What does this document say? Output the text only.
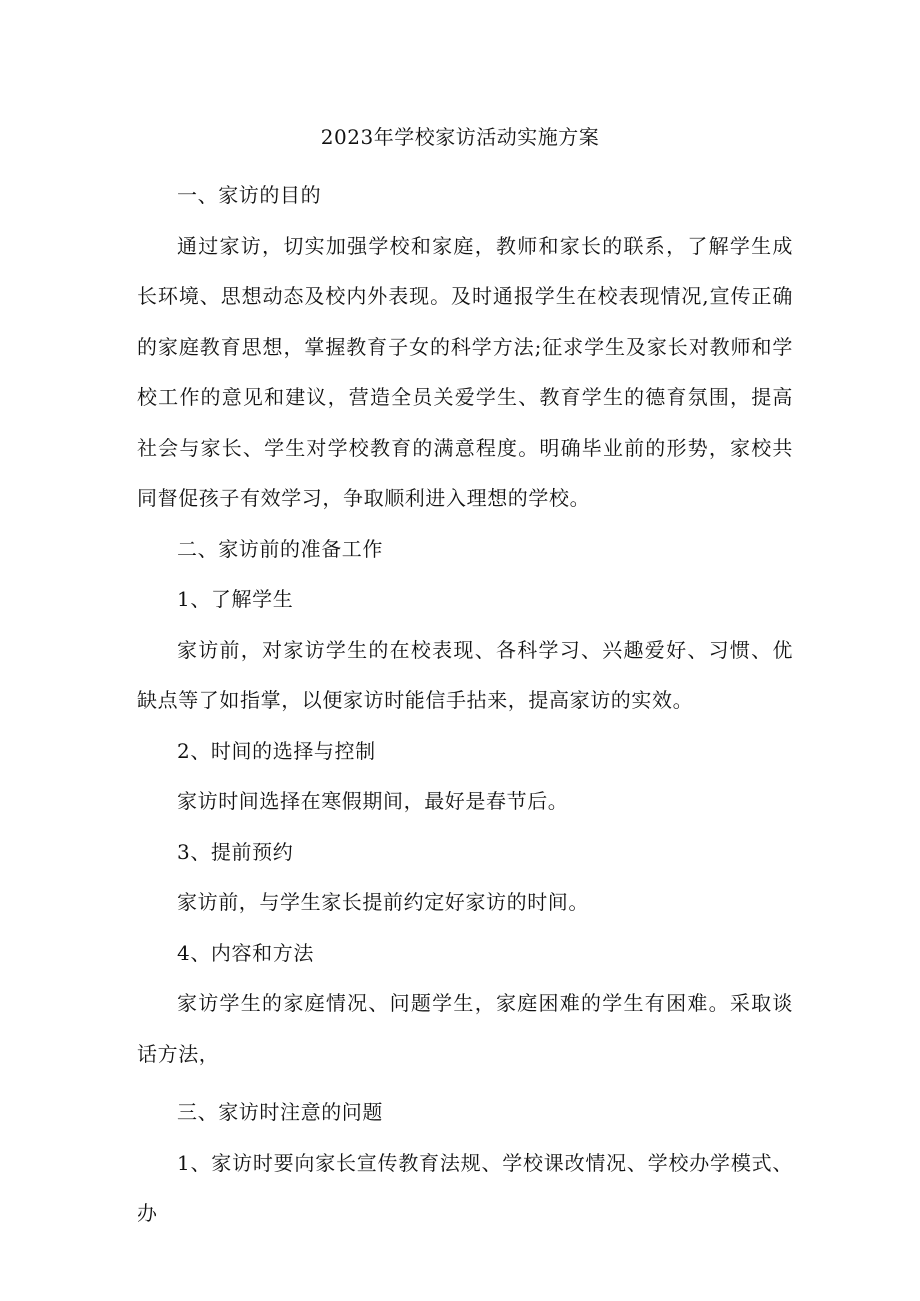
2023年学校家访活动实施方案

一、家访的目的

通过家访，切实加强学校和家庭，教师和家长的联系，了解学生成长环境、思想动态及校内外表现。及时通报学生在校表现情况,宣传正确的家庭教育思想，掌握教育子女的科学方法;征求学生及家长对教师和学校工作的意见和建议，营造全员关爱学生、教育学生的德育氛围，提高社会与家长、学生对学校教育的满意程度。明确毕业前的形势，家校共同督促孩子有效学习，争取顺利进入理想的学校。

二、家访前的准备工作

1、了解学生

家访前，对家访学生的在校表现、各科学习、兴趣爱好、习惯、优缺点等了如指掌，以便家访时能信手拈来，提高家访的实效。

2、时间的选择与控制

家访时间选择在寒假期间，最好是春节后。

3、提前预约

家访前，与学生家长提前约定好家访的时间。

4、内容和方法

家访学生的家庭情况、问题学生，家庭困难的学生有困难。采取谈话方法，

三、家访时注意的问题

1、家访时要向家长宣传教育法规、学校课改情况、学校办学模式、办
